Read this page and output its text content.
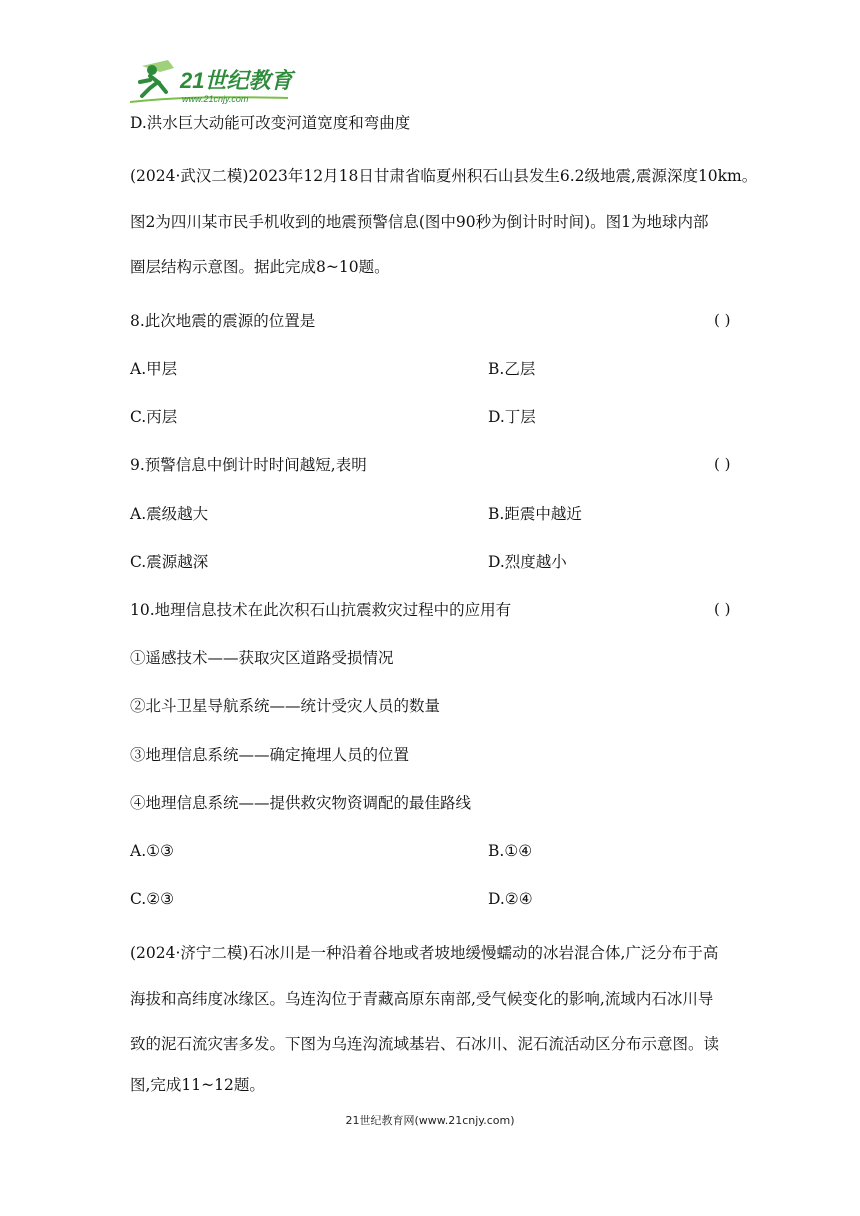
21世纪教育
www.21cnjy.com
D.洪水巨大动能可改变河道宽度和弯曲度
(2024·武汉二模)2023年12月18日甘肃省临夏州积石山县发生6.2级地震,震源深度10km。
图2为四川某市民手机收到的地震预警信息(图中90秒为倒计时时间)。图1为地球内部
圈层结构示意图。据此完成8~10题。
8.此次地震的震源的位置是	( )
A.甲层	B.乙层
C.丙层	D.丁层
9.预警信息中倒计时时间越短,表明	( )
A.震级越大	B.距震中越近
C.震源越深	D.烈度越小
10.地理信息技术在此次积石山抗震救灾过程中的应用有	( )
①遥感技术——获取灾区道路受损情况
②北斗卫星导航系统——统计受灾人员的数量
③地理信息系统——确定掩埋人员的位置
④地理信息系统——提供救灾物资调配的最佳路线
A.①③	B.①④
C.②③	D.②④
(2024·济宁二模)石冰川是一种沿着谷地或者坡地缓慢蠕动的冰岩混合体,广泛分布于高
海拔和高纬度冰缘区。乌连沟位于青藏高原东南部,受气候变化的影响,流域内石冰川导
致的泥石流灾害多发。下图为乌连沟流域基岩、石冰川、泥石流活动区分布示意图。读
图,完成11~12题。
21世纪教育网(www.21cnjy.com)
